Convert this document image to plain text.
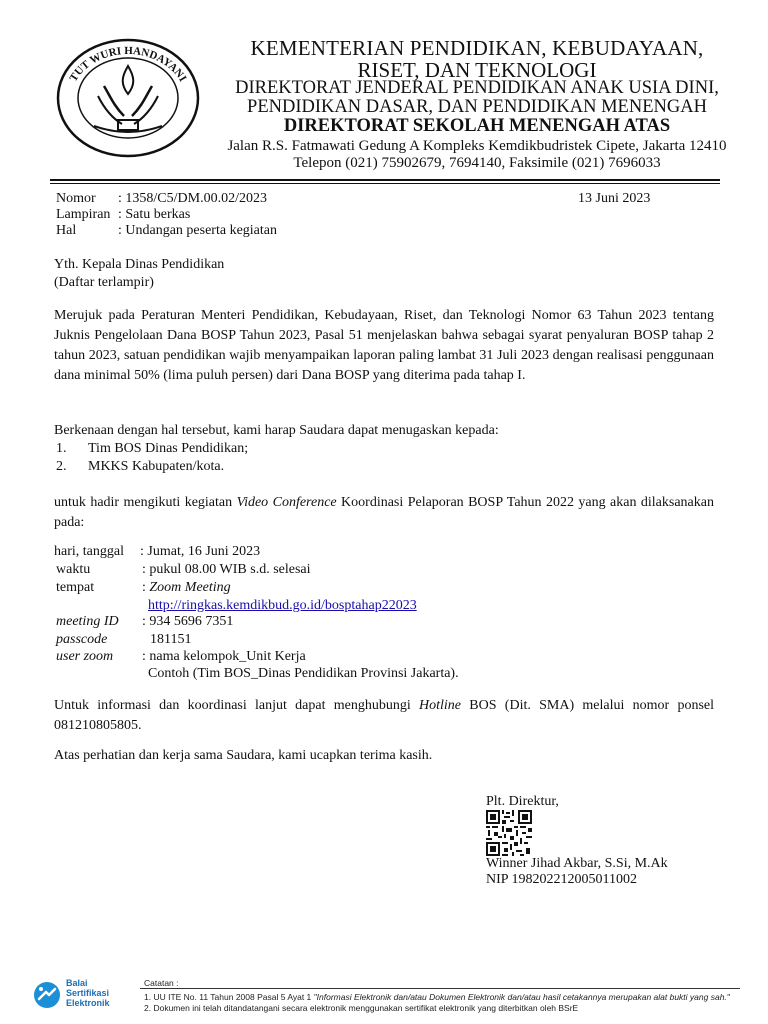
TUT WURI HANDAYANI
KEMENTERIAN PENDIDIKAN, KEBUDAYAAN,
RISET, DAN TEKNOLOGI
DIREKTORAT JENDERAL PENDIDIKAN ANAK USIA DINI,
PENDIDIKAN DASAR, DAN PENDIDIKAN MENENGAH
DIREKTORAT SEKOLAH MENENGAH ATAS
Jalan R.S. Fatmawati Gedung A Kompleks Kemdikbudristek Cipete, Jakarta 12410
Telepon (021) 75902679, 7694140, Faksimile (021) 7696033
Nomor : 1358/C5/DM.00.02/2023	13 Juni 2023
Lampiran : Satu berkas
Hal	: Undangan peserta kegiatan
Yth. Kepala Dinas Pendidikan
(Daftar terlampir)
Merujuk pada Peraturan Menteri Pendidikan, Kebudayaan, Riset, dan Teknologi Nomor 63 Tahun 2023 tentang Juknis Pengelolaan Dana BOSP Tahun 2023, Pasal 51 menjelaskan bahwa sebagai syarat penyaluran BOSP tahap 2 tahun 2023, satuan pendidikan wajib menyampaikan laporan paling lambat 31 Juli 2023 dengan realisasi penggunaan dana minimal 50% (lima puluh persen) dari Dana BOSP yang diterima pada tahap I.
Berkenaan dengan hal tersebut, kami harap Saudara dapat menugaskan kepada:
1. Tim BOS Dinas Pendidikan;
2. MKKS Kabupaten/kota.
untuk hadir mengikuti kegiatan Video Conference Koordinasi Pelaporan BOSP Tahun 2022 yang akan dilaksanakan pada:
hari, tanggal : Jumat, 16 Juni 2023
waktu	: pukul 08.00 WIB s.d. selesai
tempat	: Zoom Meeting
http://ringkas.kemdikbud.go.id/bosptahap22023
meeting ID : 934 5696 7351
passcode	181151
user zoom : nama kelompok_Unit Kerja
Contoh (Tim BOS_Dinas Pendidikan Provinsi Jakarta).
Untuk informasi dan koordinasi lanjut dapat menghubungi Hotline BOS (Dit. SMA) melalui nomor ponsel 081210805805.
Atas perhatian dan kerja sama Saudara, kami ucapkan terima kasih.
Plt. Direktur,
Winner Jihad Akbar, S.Si, M.Ak
NIP 198202212005011002
Balai
Sertifikasi
Elektronik
Catatan :
1. UU ITE No. 11 Tahun 2008 Pasal 5 Ayat 1 "Informasi Elektronik dan/atau Dokumen Elektronik dan/atau hasil cetakannya merupakan alat bukti yang sah."
2. Dokumen ini telah ditandatangani secara elektronik menggunakan sertifikat elektronik yang diterbitkan oleh BSrE
